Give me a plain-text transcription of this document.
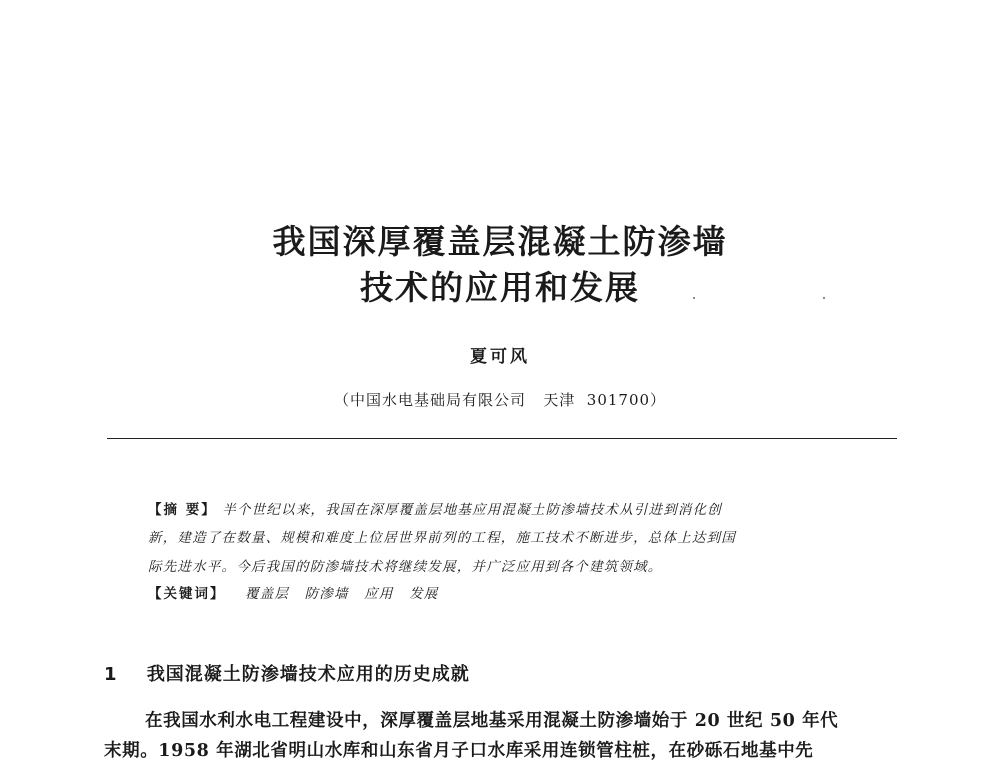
我国深厚覆盖层混凝土防渗墙
技术的应用和发展
夏可风
（中国水电基础局有限公司   天津  301700）
【摘 要】 半个世纪以来，我国在深厚覆盖层地基应用混凝土防渗墙技术从引进到消化创
新，建造了在数量、规模和难度上位居世界前列的工程，施工技术不断进步，总体上达到国
际先进水平。今后我国的防渗墙技术将继续发展，并广泛应用到各个建筑领域。
【关键词】 覆盖层 防渗墙 应用 发展
1 我国混凝土防渗墙技术应用的历史成就
在我国水利水电工程建设中，深厚覆盖层地基采用混凝土防渗墙始于 20 世纪 50 年代
末期。1958 年湖北省明山水库和山东省月子口水库采用连锁管柱桩，在砂砾石地基中先
